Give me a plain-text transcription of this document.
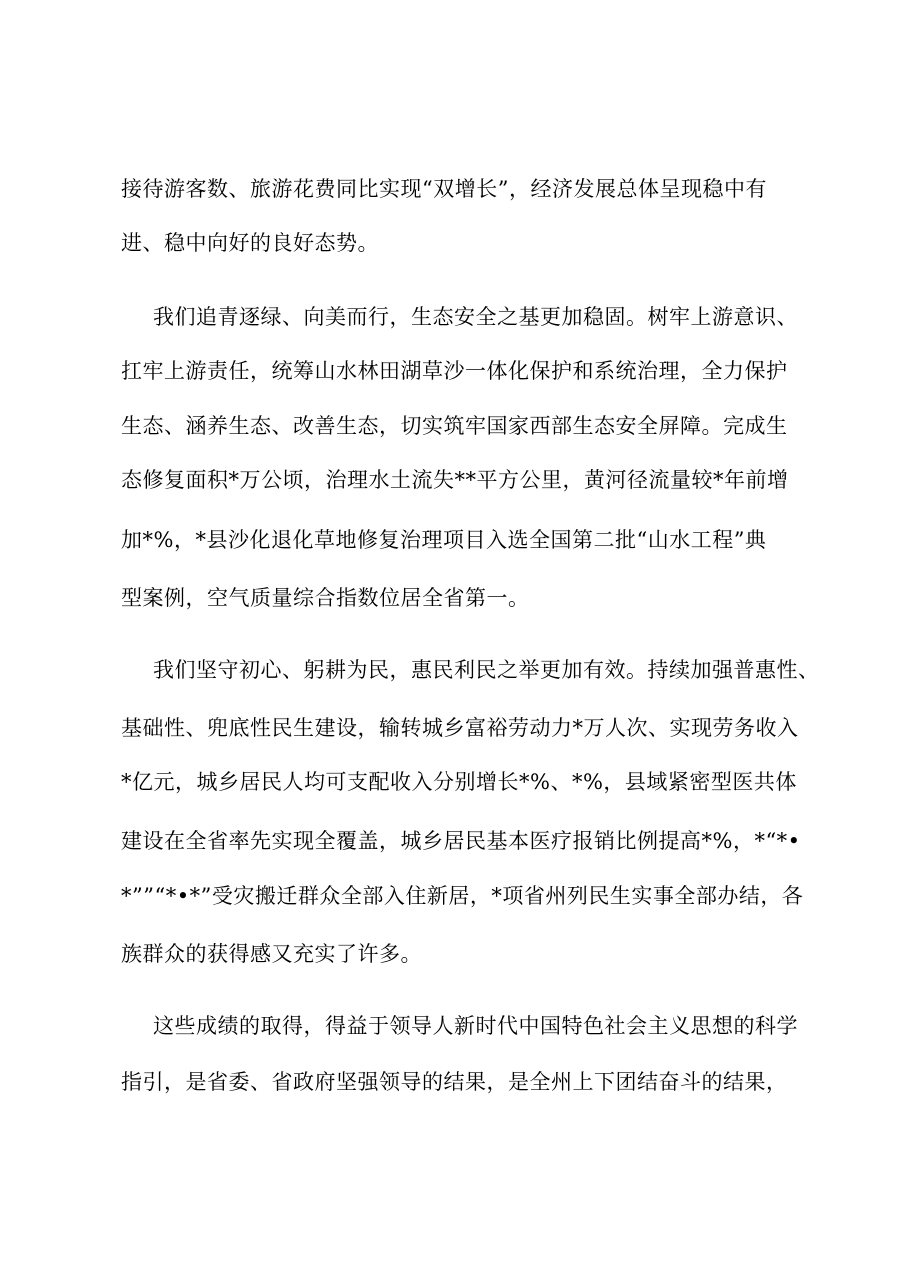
接待游客数、旅游花费同比实现“双增长”，经济发展总体呈现稳中有
进、稳中向好的良好态势。
我们追青逐绿、向美而行，生态安全之基更加稳固。树牢上游意识、
扛牢上游责任，统筹山水林田湖草沙一体化保护和系统治理，全力保护
生态、涵养生态、改善生态，切实筑牢国家西部生态安全屏障。完成生
态修复面积*万公顷，治理水土流失**平方公里，黄河径流量较*年前增
加*%，*县沙化退化草地修复治理项目入选全国第二批“山水工程”典
型案例，空气质量综合指数位居全省第一。
我们坚守初心、躬耕为民，惠民利民之举更加有效。持续加强普惠性、
基础性、兜底性民生建设，输转城乡富裕劳动力*万人次、实现劳务收入
*亿元，城乡居民人均可支配收入分别增长*%、*%，县域紧密型医共体
建设在全省率先实现全覆盖，城乡居民基本医疗报销比例提高*%，*“*•
*””“*•*”受灾搬迁群众全部入住新居，*项省州列民生实事全部办结，各
族群众的获得感又充实了许多。
这些成绩的取得，得益于领导人新时代中国特色社会主义思想的科学
指引，是省委、省政府坚强领导的结果，是全州上下团结奋斗的结果，
